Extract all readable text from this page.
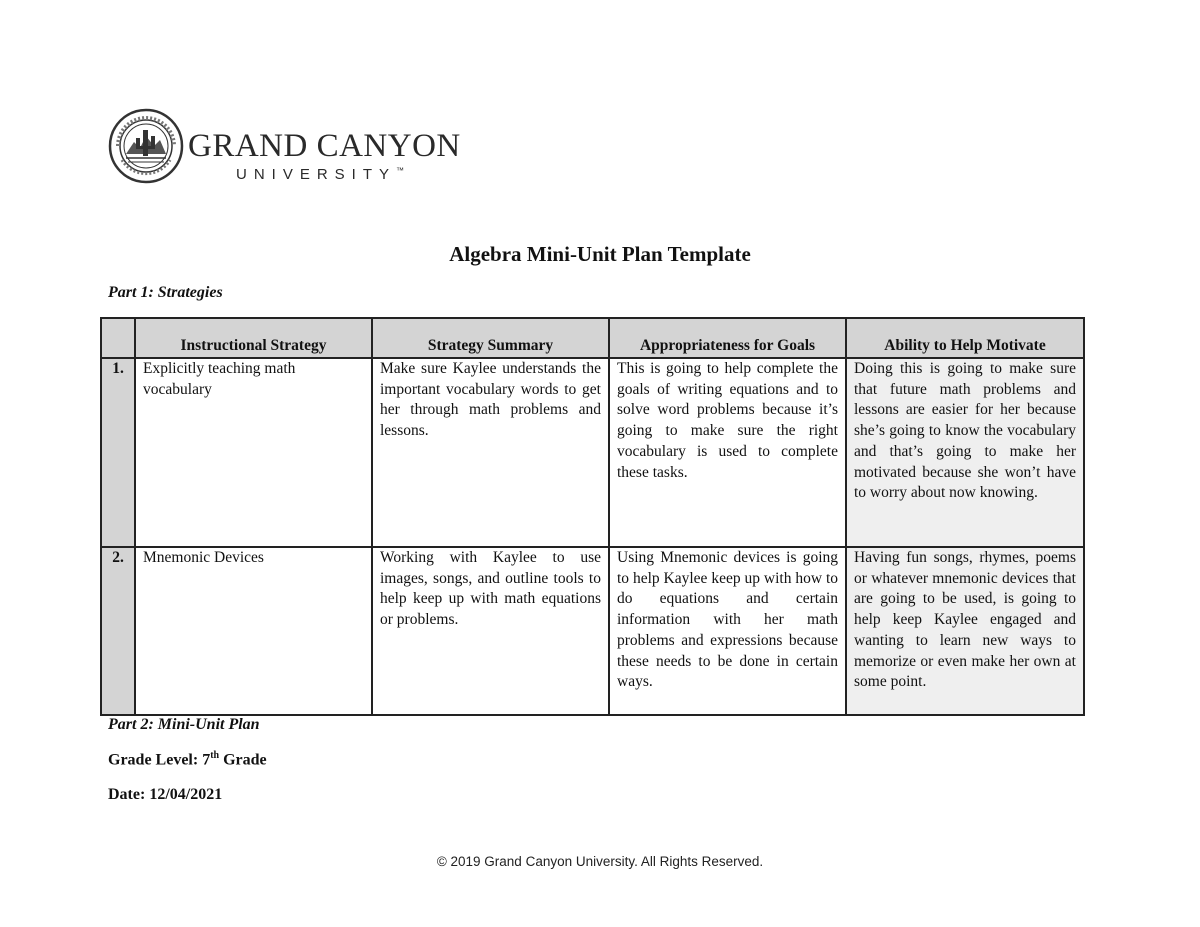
GRAND CANYON
UNIVERSITY™
Algebra Mini-Unit Plan Template
Part 1: Strategies
	Instructional Strategy	Strategy Summary	Appropriateness for Goals	Ability to Help Motivate
1.	Explicitly teaching math vocabulary	Make sure Kaylee understands the important vocabulary words to get her through math problems and lessons.	This is going to help complete the goals of writing equations and to solve word problems because it’s going to make sure the right vocabulary is used to complete these tasks.	Doing this is going to make sure that future math problems and lessons are easier for her because she’s going to know the vocabulary and that’s going to make her motivated because she won’t have to worry about now knowing.
2.	Mnemonic Devices	Working with Kaylee to use images, songs, and outline tools to help keep up with math equations or problems.	Using Mnemonic devices is going to help Kaylee keep up with how to do equations and certain information with her math problems and expressions because these needs to be done in certain ways.	Having fun songs, rhymes, poems or whatever mnemonic devices that are going to be used, is going to help keep Kaylee engaged and wanting to learn new ways to memorize or even make her own at some point.
Part 2: Mini-Unit Plan
Grade Level: 7th Grade
Date: 12/04/2021
© 2019 Grand Canyon University. All Rights Reserved.
